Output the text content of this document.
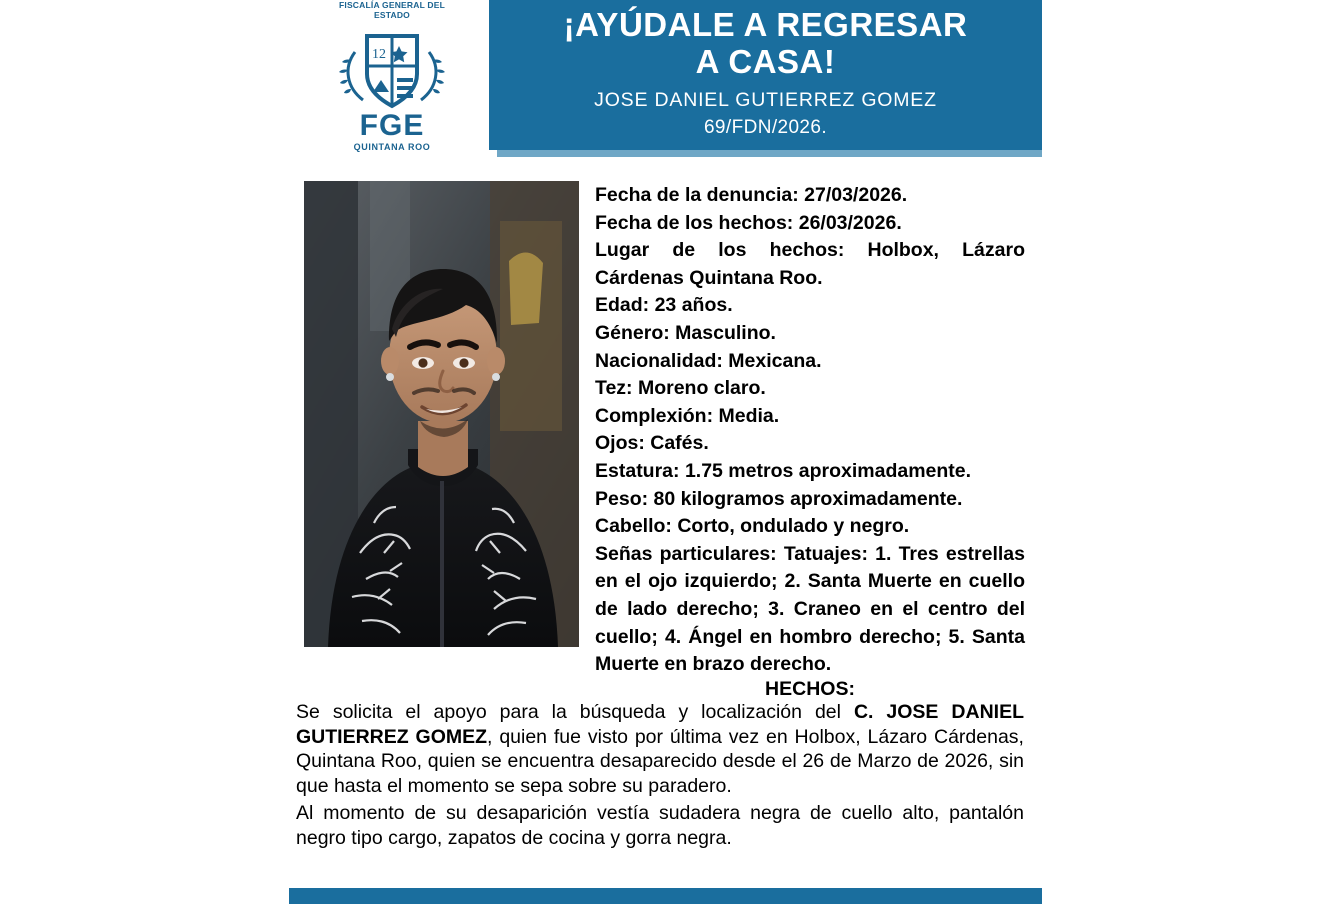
FISCALÍA GENERAL DEL ESTADO
12
FGE
QUINTANA ROO
¡AYÚDALE A REGRESAR
A CASA!
JOSE DANIEL GUTIERREZ GOMEZ
69/FDN/2026.
Fecha de la denuncia: 27/03/2026.
Fecha de los hechos: 26/03/2026.
Lugar de los hechos: Holbox, Lázaro Cárdenas Quintana Roo.
Edad: 23 años.
Género: Masculino.
Nacionalidad: Mexicana.
Tez: Moreno claro.
Complexión: Media.
Ojos: Cafés.
Estatura: 1.75 metros aproximadamente.
Peso: 80 kilogramos aproximadamente.
Cabello: Corto, ondulado y negro.
Señas particulares: Tatuajes: 1. Tres estrellas en el ojo izquierdo; 2. Santa Muerte en cuello de lado derecho; 3. Craneo en el centro del cuello; 4. Ángel en hombro derecho; 5. Santa Muerte en brazo derecho.
HECHOS:

Se solicita el apoyo para la búsqueda y localización del C. JOSE DANIEL GUTIERREZ GOMEZ, quien fue visto por última vez en Holbox, Lázaro Cárdenas, Quintana Roo, quien se encuentra desaparecido desde el 26 de Marzo de 2026, sin que hasta el momento se sepa sobre su paradero.

Al momento de su desaparición vestía sudadera negra de cuello alto, pantalón negro tipo cargo, zapatos de cocina y gorra negra.
